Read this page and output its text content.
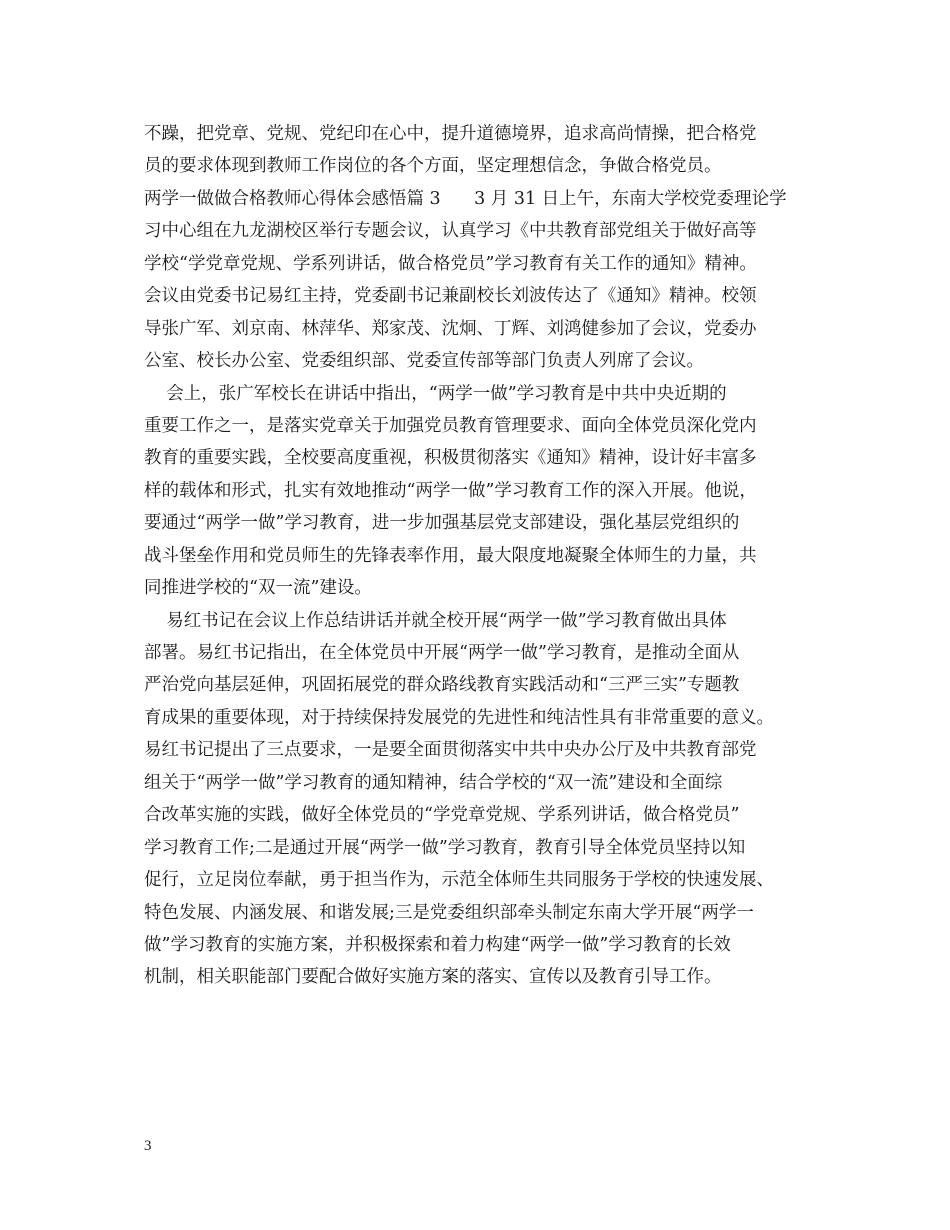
不躁，把党章、党规、党纪印在心中，提升道德境界，追求高尚情操，把合格党
员的要求体现到教师工作岗位的各个方面，坚定理想信念，争做合格党员。
两学一做做合格教师心得体会感悟篇 3      3 月 31 日上午，东南大学校党委理论学
习中心组在九龙湖校区举行专题会议，认真学习《中共教育部党组关于做好高等
学校“学党章党规、学系列讲话，做合格党员”学习教育有关工作的通知》精神。
会议由党委书记易红主持，党委副书记兼副校长刘波传达了《通知》精神。校领
导张广军、刘京南、林萍华、郑家茂、沈炯、丁辉、刘鸿健参加了会议，党委办
公室、校长办公室、党委组织部、党委宣传部等部门负责人列席了会议。
会上，张广军校长在讲话中指出，“两学一做”学习教育是中共中央近期的
重要工作之一，是落实党章关于加强党员教育管理要求、面向全体党员深化党内
教育的重要实践，全校要高度重视，积极贯彻落实《通知》精神，设计好丰富多
样的载体和形式，扎实有效地推动“两学一做”学习教育工作的深入开展。他说，
要通过“两学一做”学习教育，进一步加强基层党支部建设，强化基层党组织的
战斗堡垒作用和党员师生的先锋表率作用，最大限度地凝聚全体师生的力量，共
同推进学校的“双一流”建设。
易红书记在会议上作总结讲话并就全校开展“两学一做”学习教育做出具体
部署。易红书记指出，在全体党员中开展“两学一做”学习教育，是推动全面从
严治党向基层延伸，巩固拓展党的群众路线教育实践活动和“三严三实”专题教
育成果的重要体现，对于持续保持发展党的先进性和纯洁性具有非常重要的意义。
易红书记提出了三点要求，一是要全面贯彻落实中共中央办公厅及中共教育部党
组关于“两学一做”学习教育的通知精神，结合学校的“双一流”建设和全面综
合改革实施的实践，做好全体党员的“学党章党规、学系列讲话，做合格党员”
学习教育工作;二是通过开展“两学一做”学习教育，教育引导全体党员坚持以知
促行，立足岗位奉献，勇于担当作为，示范全体师生共同服务于学校的快速发展、
特色发展、内涵发展、和谐发展;三是党委组织部牵头制定东南大学开展“两学一
做”学习教育的实施方案，并积极探索和着力构建“两学一做”学习教育的长效
机制，相关职能部门要配合做好实施方案的落实、宣传以及教育引导工作。
3
